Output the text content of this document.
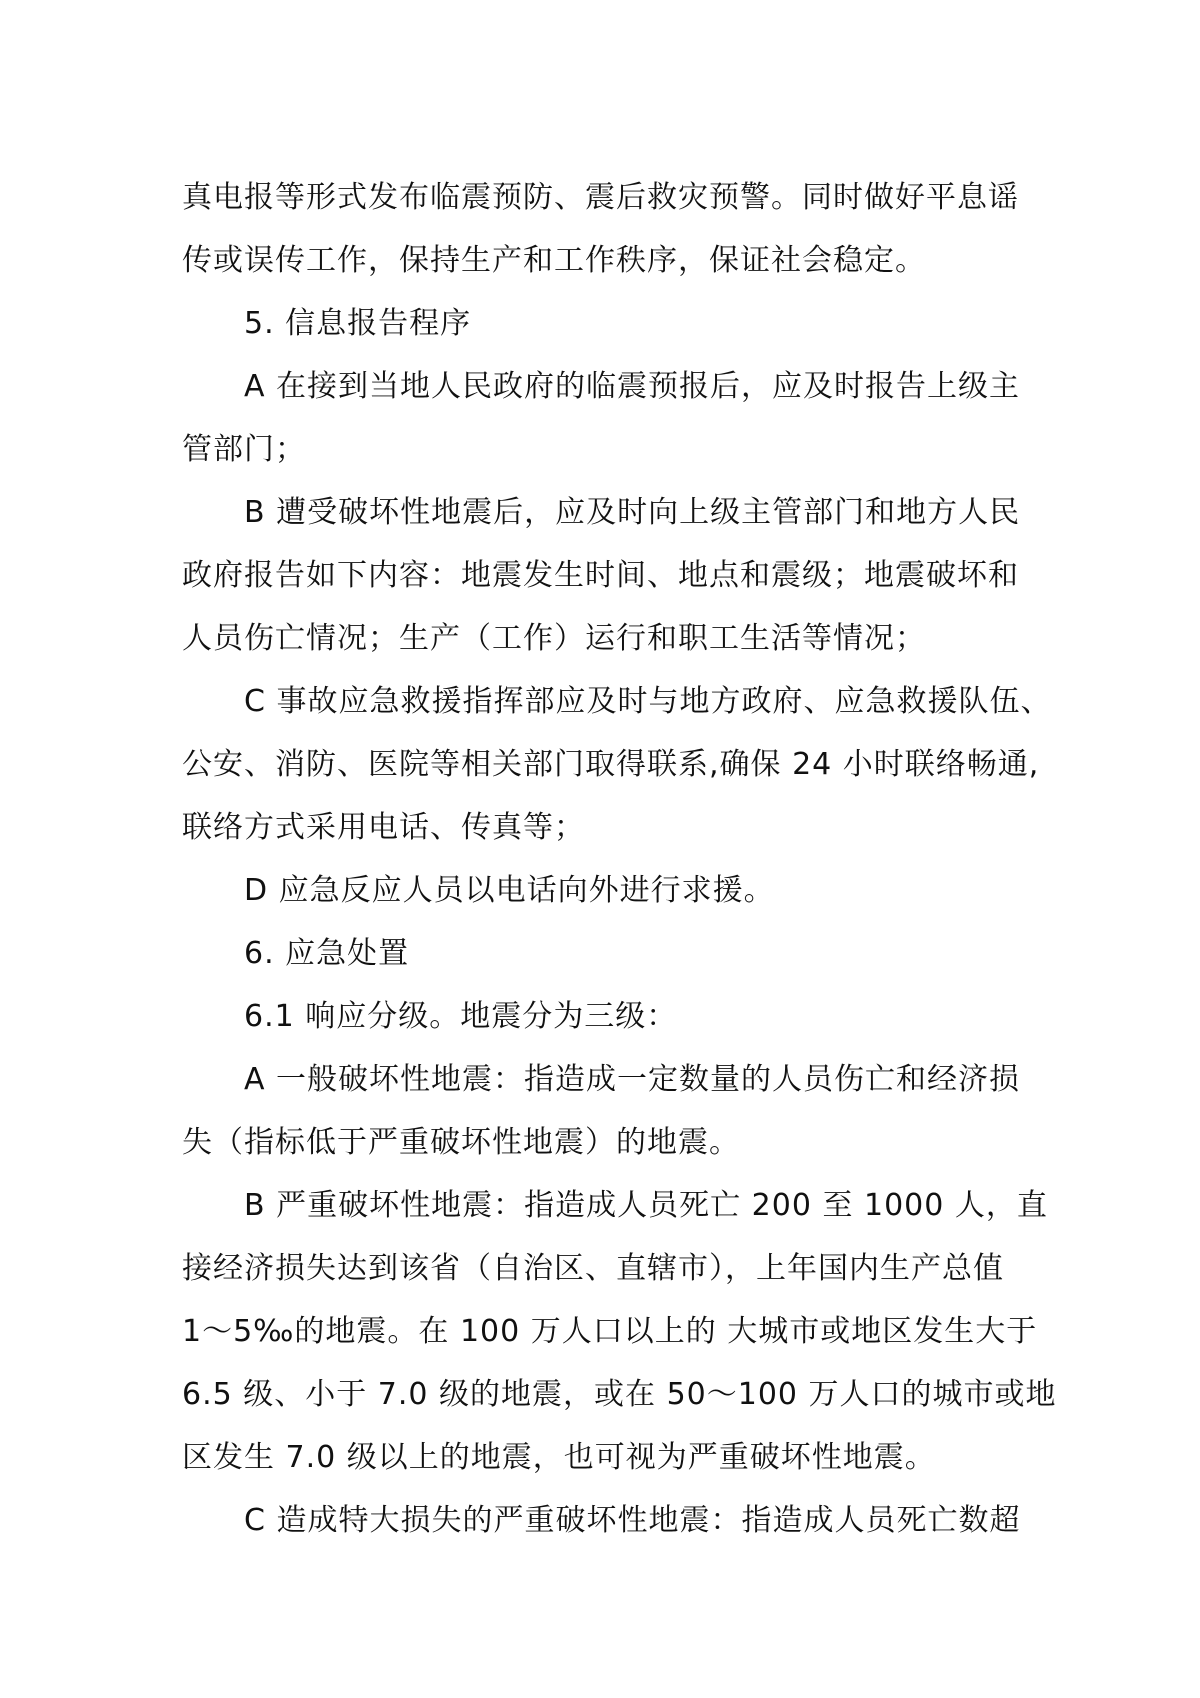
真电报等形式发布临震预防、震后救灾预警。同时做好平息谣
传或误传工作，保持生产和工作秩序，保证社会稳定。
5. 信息报告程序
A 在接到当地人民政府的临震预报后，应及时报告上级主
管部门；
B 遭受破坏性地震后，应及时向上级主管部门和地方人民
政府报告如下内容：地震发生时间、地点和震级；地震破坏和
人员伤亡情况；生产（工作）运行和职工生活等情况；
C 事故应急救援指挥部应及时与地方政府、应急救援队伍、
公安、消防、医院等相关部门取得联系,确保 24 小时联络畅通,
联络方式采用电话、传真等；
D 应急反应人员以电话向外进行求援。
6. 应急处置
6.1 响应分级。地震分为三级：
A 一般破坏性地震：指造成一定数量的人员伤亡和经济损
失（指标低于严重破坏性地震）的地震。
B 严重破坏性地震：指造成人员死亡 200 至 1000 人，直
接经济损失达到该省（自治区、直辖市），上年国内生产总值
1～5‰的地震。在 100 万人口以上的 大城市或地区发生大于
6.5 级、小于 7.0 级的地震，或在 50～100 万人口的城市或地
区发生 7.0 级以上的地震，也可视为严重破坏性地震。
C 造成特大损失的严重破坏性地震：指造成人员死亡数超
